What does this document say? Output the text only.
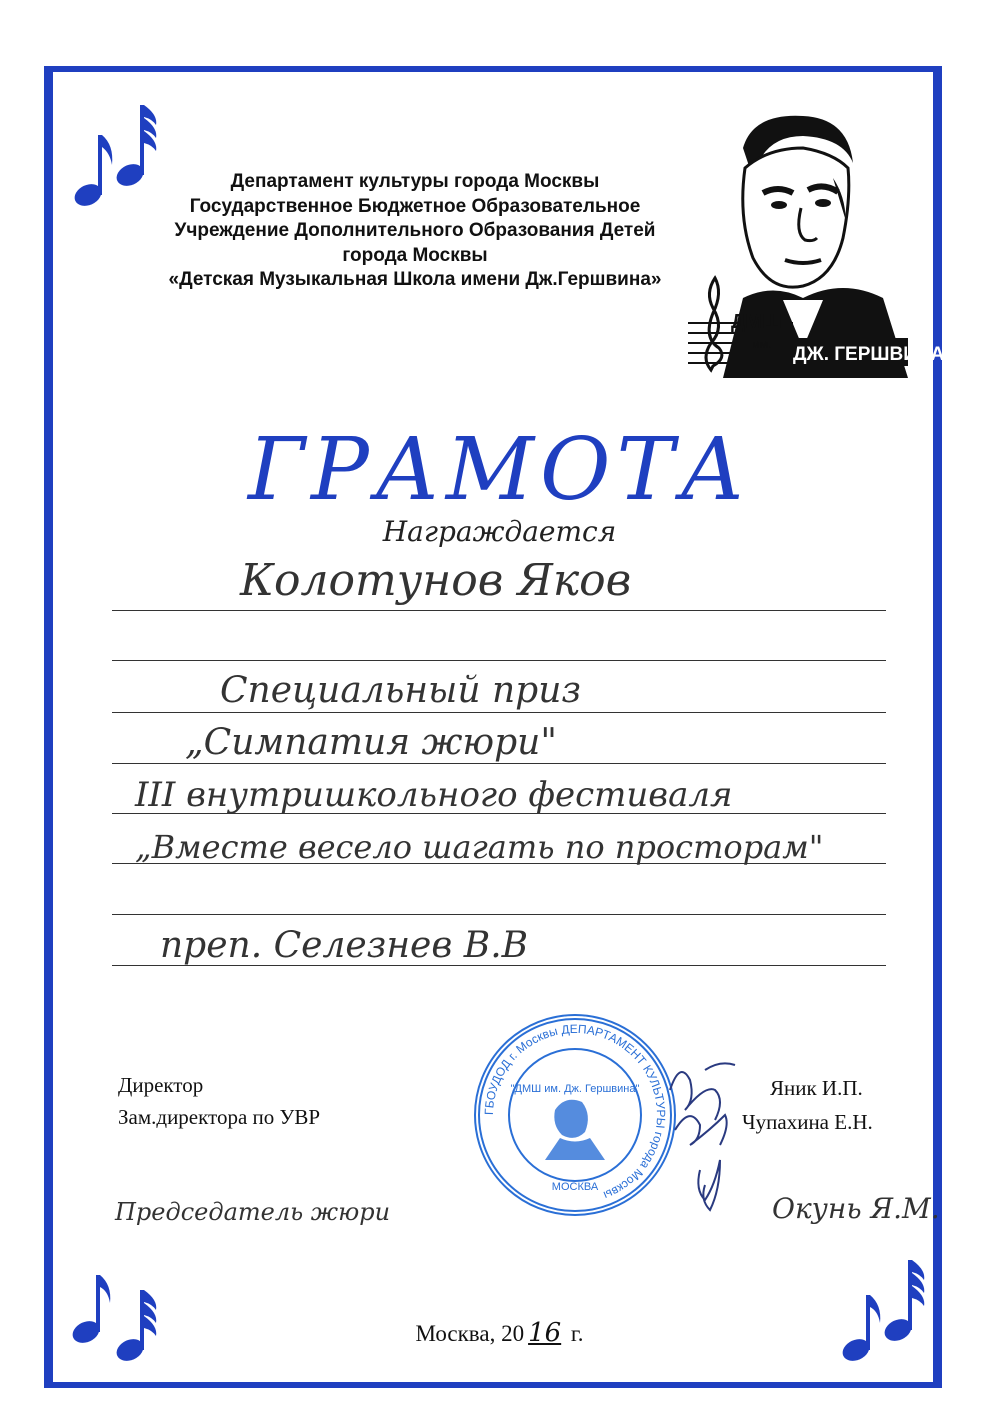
Департамент культуры города Москвы
Государственное Бюджетное Образовательное
Учреждение Дополнительного Образования Детей
города Москвы
«Детская Музыкальная Школа имени Дж.Гершвина»
ДМШ
им. ДЖ. ГЕРШВИНА
ГРАМОТА
Награждается
Колотунов Яков
Специальный приз
„Симпатия жюри"
III внутришкольного фестиваля
„Вместе весело шагать по просторам"
преп. Селезнев В.В
Директор
Зам.директора по УВР
Яник И.П.
Чупахина Е.Н.
ГБОУДОД г. Москвы ДЕПАРТАМЕНТ КУЛЬТУРЫ города Москвы
"ДМШ им. Дж. Гершвина"
МОСКВА
Председатель жюри	Окунь Я.М.
Москва, 20 16 г.
